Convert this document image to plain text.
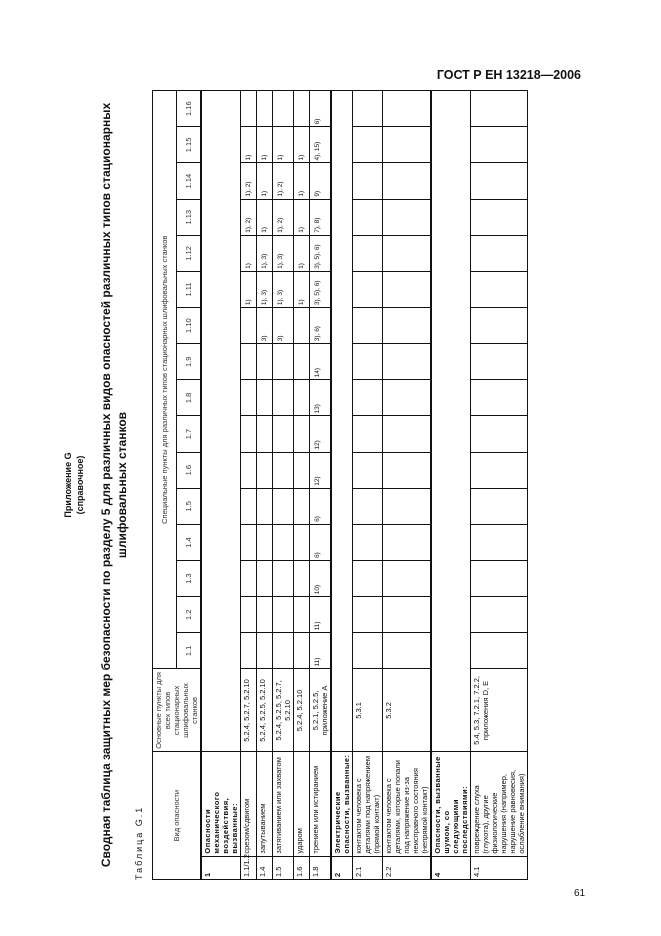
ГОСТ Р ЕН 13218—2006
Приложение G (справочное) Сводная таблица защитных мер безопасности по разделу 5 для различных видов опасностей различных типов стационарных шлифовальных станков
Таблица G.1	Вид опасности		Основные пункты для всех типов стационарных шлифовальных станков	Специальные пункты для различных типов стационарных шлифовальных станков															
			1.1	1.2	1.3	1.4	1.5	1.6	1.7	1.8	1.9	1.10	1.11	1.12	1.13	1.14	1.15	1.16
1	Опасности механического воздействия, вызванные:																	
1.1/1.2	срезом/сдвигом	5.2.4, 5.2.7, 5.2.10											1)	1)	1), 2)	1), 2)	1)	
1.4	запутыванием	5.2.4, 5.2.5, 5.2.10										3)	1), 3)	1), 3)	1)	1)	1)	
1.5	затягиванием или захватом	5.2.4, 5.2.5, 5.2.7, 5.2.10										3)	1), 3)	1), 3)	1), 2)	1), 2)	1)	
1.6	ударом	5.2.4, 5.2.10											1)	1)	1)	1)	1)	
1.8	трением или истиранием	5.2.1, 5.2.5, приложение A	11)	11)	10)	6)	6)	12)	12)	13)	14)	3), 6)	3), 5), 6)	3), 5), 6)	7), 8)	9)	4), 15)	6)
2	Электрические опасности, вызванные:																	
2.1	контактом человека с деталями под напряжением (прямой контакт)	5.3.1																
2.2	контактом человека с деталями, которые попали под напряжение из-за неисправного состояния (непрямой контакт)	5.3.2																
4	Опасности, вызванные шумом, со следующими последствиями:																	
4.1	повреждение слуха (глухота), другие физиологические нарушения (например, нарушение равновесия, ослабление внимания)	5.4, 5.3, 7.2.1, 7.2.2, приложения D, E																
61
